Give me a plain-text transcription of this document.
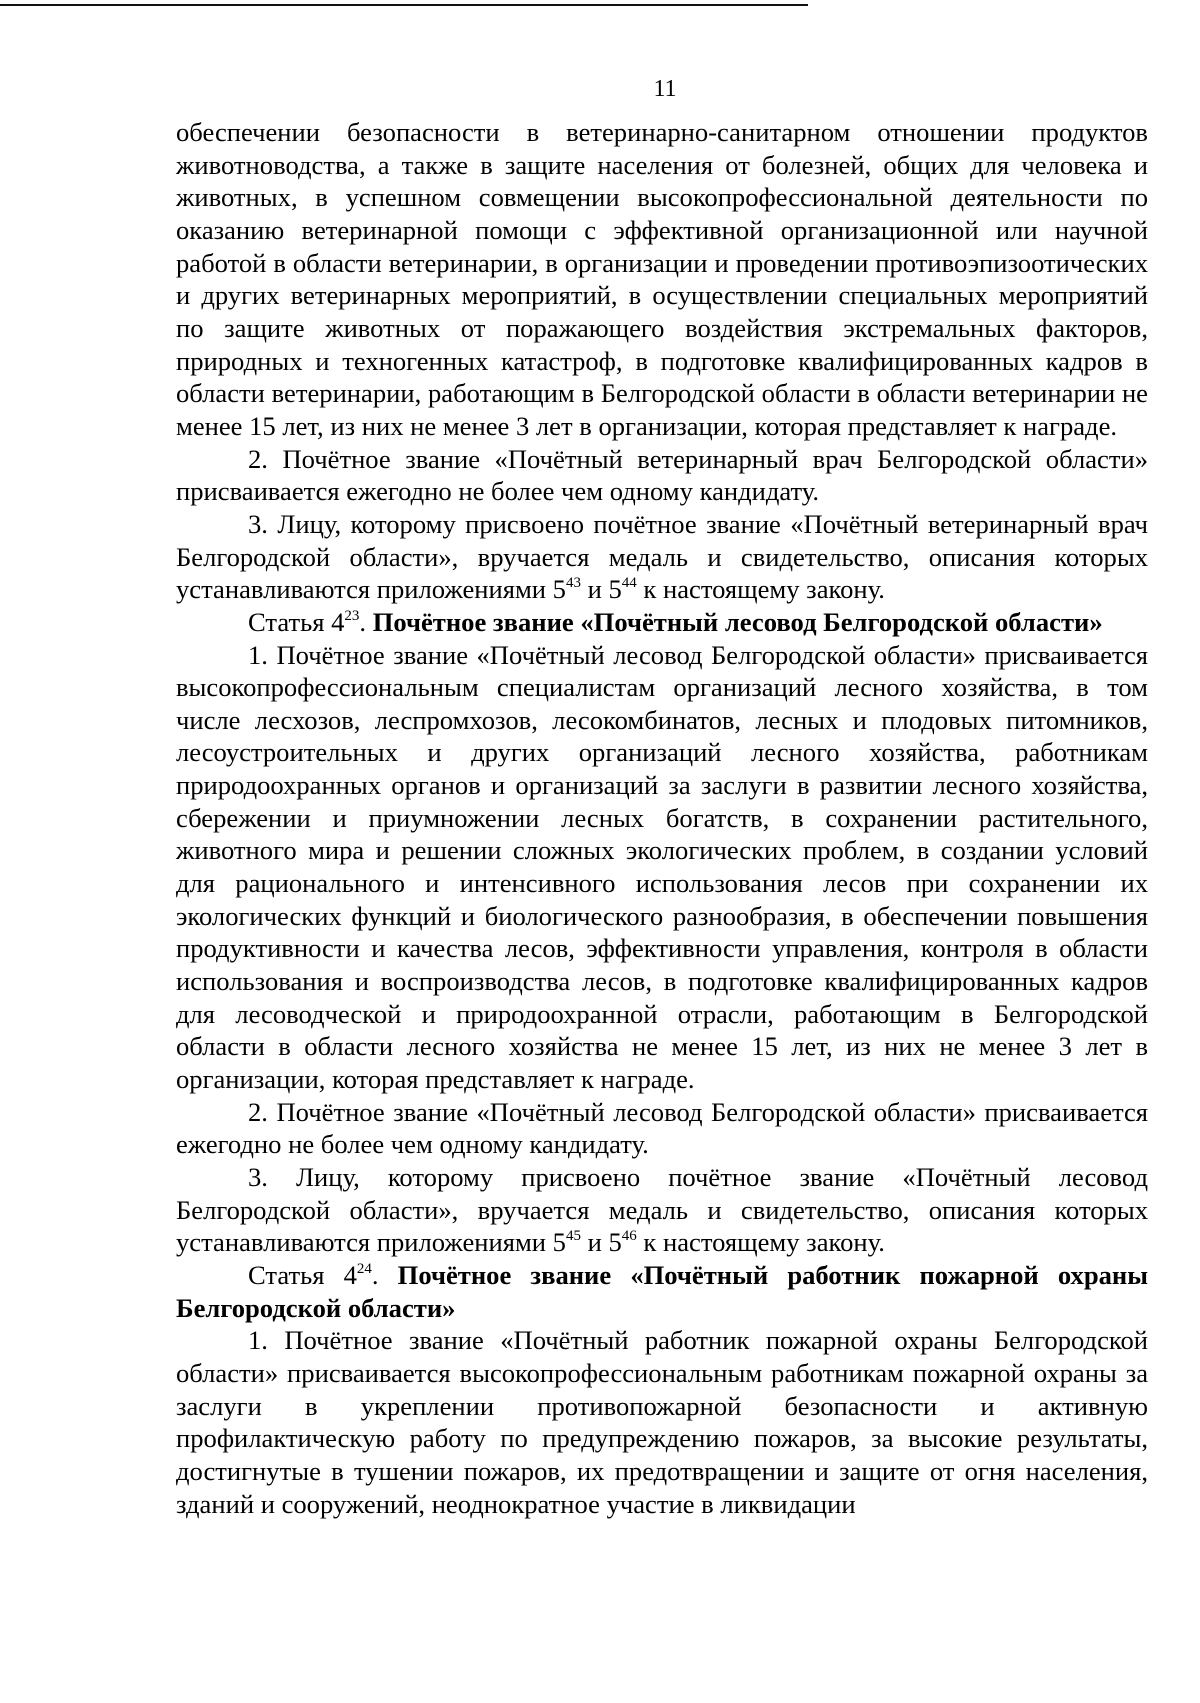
11

обеспечении безопасности в ветеринарно-санитарном отношении продуктов животноводства, а также в защите населения от болезней, общих для человека и животных, в успешном совмещении высокопрофессиональной деятельности по оказанию ветеринарной помощи с эффективной организационной или научной работой в области ветеринарии, в организации и проведении противоэпизоотических и других ветеринарных мероприятий, в осуществлении специальных мероприятий по защите животных от поражающего воздействия экстремальных факторов, природных и техногенных катастроф, в подготовке квалифицированных кадров в области ветеринарии, работающим в Белгородской области в области ветеринарии не менее 15 лет, из них не менее 3 лет в организации, которая представляет к награде.

2. Почётное звание «Почётный ветеринарный врач Белгородской области» присваивается ежегодно не более чем одному кандидату.

3. Лицу, которому присвоено почётное звание «Почётный ветеринарный врач Белгородской области», вручается медаль и свидетельство, описания которых устанавливаются приложениями $5^{43}$ и $5^{44}$ к настоящему закону.

Статья $4^{23}$. Почётное звание «Почётный лесовод Белгородской области»

1. Почётное звание «Почётный лесовод Белгородской области» присваивается высокопрофессиональным специалистам организаций лесного хозяйства, в том числе лесхозов, леспромхозов, лесокомбинатов, лесных и плодовых питомников, лесоустроительных и других организаций лесного хозяйства, работникам природоохранных органов и организаций за заслуги в развитии лесного хозяйства, сбережении и приумножении лесных богатств, в сохранении растительного, животного мира и решении сложных экологических проблем, в создании условий для рационального и интенсивного использования лесов при сохранении их экологических функций и биологического разнообразия, в обеспечении повышения продуктивности и качества лесов, эффективности управления, контроля в области использования и воспроизводства лесов, в подготовке квалифицированных кадров для лесоводческой и природоохранной отрасли, работающим в Белгородской области в области лесного хозяйства не менее 15 лет, из них не менее 3 лет в организации, которая представляет к награде.

2. Почётное звание «Почётный лесовод Белгородской области» присваивается ежегодно не более чем одному кандидату.

3. Лицу, которому присвоено почётное звание «Почётный лесовод Белгородской области», вручается медаль и свидетельство, описания которых устанавливаются приложениями $5^{45}$ и $5^{46}$ к настоящему закону.

Статья $4^{24}$. Почётное звание «Почётный работник пожарной охраны Белгородской области»

1. Почётное звание «Почётный работник пожарной охраны Белгородской области» присваивается высокопрофессиональным работникам пожарной охраны за заслуги в укреплении противопожарной безопасности и активную профилактическую работу по предупреждению пожаров, за высокие результаты, достигнутые в тушении пожаров, их предотвращении и защите от огня населения, зданий и сооружений, неоднократное участие в ликвидации
